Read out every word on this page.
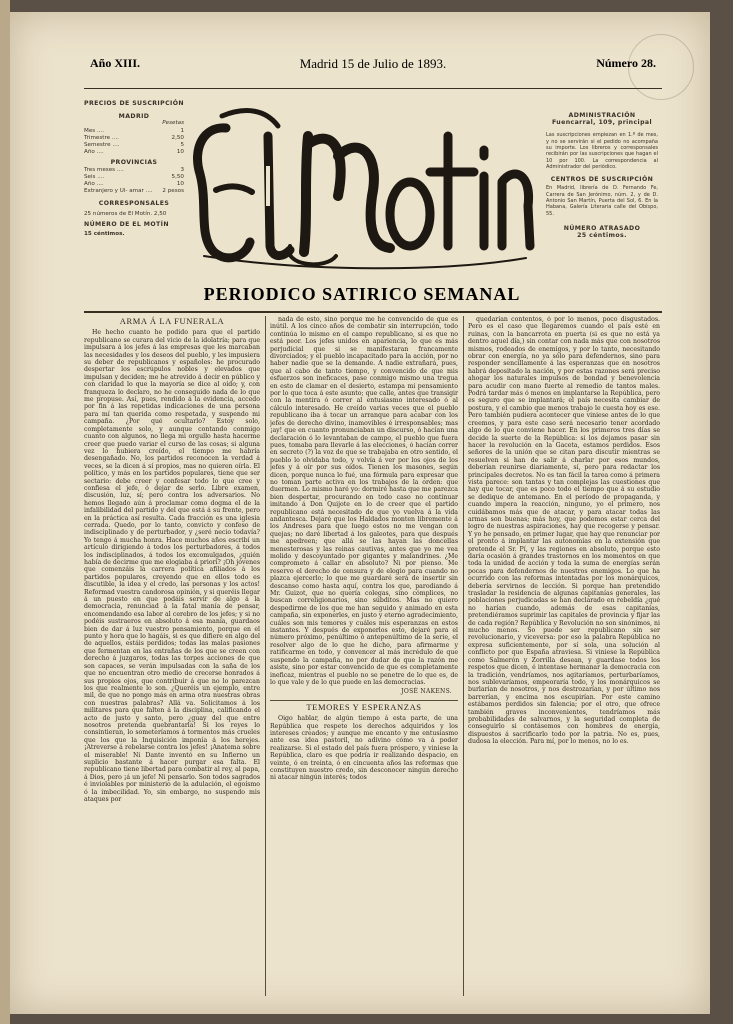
Año XIII.	Madrid 15 de Julio de 1893.	Número 28.
PRECIOS DE SUSCRIPCIÓN
MADRID
Pesetas
Mes ....	1
Trimestre ....	2,50
Semestre ....	5
Año ....	10
PROVINCIAS
Tres meses ....	3
Seis ....	5,50
Año ....	10
Extranjero y Ul- amar .... 2 pesos
CORRESPONSALES
25 números de El Motín. 2,50
NÚMERO DE EL MOTÍN
15 céntimos.
PERIODICO SATIRICO SEMANAL
ADMINISTRACIÓN
Fuencarral, 109, principal
Las suscripciones empiezan en 1.º de mes, y no se servirán si el pedido no acompaña su importe. Los libreros y corresponsales recibirán por las suscripciones que hagan el 10 por 100. La correspondencia al Administrador del periódico.
CENTROS DE SUSCRIPCIÓN
En Madrid, librería de D. Fernando Fe, Carrera de San Jerónimo, núm. 2, y de D. Antonio San Martín, Puerta del Sol, 6. En la Habana, Galería Literaria calle del Obispo, 55.
NÚMERO ATRASADO
25 céntimos.
ARMA Á LA FUNERALA

He hecho cuanto he podido para que el partido republicano se curara del vicio de la idolatría; para que impulsara á los jefes á las empresas que les marcaban las necesidades y los deseos del pueblo, y les impusiera su deber de republicanos y españoles: he procurado despertar los escrúpulos nobles y elevados que impulsan y deciden; me he atrevido á decir en público y con claridad lo que la mayoría se dice al oído; y, con franqueza lo declaro, no he conseguido nada de lo que me propuse. Así, pues, rendido á la evidencia, accedo por fin á las repetidas indicaciones de una persona para mí tan querida como respetada, y suspendo mi campaña. ¿Por qué ocultarlo? Estoy solo, completamente solo, y aunque contando conmigo cuanto con algunos, no llega mi orgullo hasta hacerme creer que puedo variar el curso de las cosas; si alguna vez lo hubiera creído, el tiempo me habría desengañado. No, los partidos reconocen la verdad á veces, se la dicen á sí propios, mas no quieren oírla. El político, y más en los partidos populares, tiene que ser sectario: debe creer y confesar todo lo que cree y confiesa el jefe, ó dejar de serlo. Libre examen, discusión, luz, sí; pero contra los adversarios. No hemos llegado aún á proclamar como dogma el de la infalibilidad del partido y del que está á su frente, pero en la práctica así resulta. Cada fracción es una iglesia cerrada. Quedo, por lo tanto, convicto y confeso de indisciplinado y de perturbador, y ¿seré necio todavía? Yo tengo á mucha honra. Hace muchos años escribí un artículo dirigiendo á todos los perturbadores, á todos los indisciplinados, á todos los excomulgados, ¿quién había de decirme que me elogiaba á priori? ¡Oh jóvenes que comenzáis la carrera política afiliados á los partidos populares, creyendo que en ellos todo es discutible, la idea y el credo, las personas y los actos! Reformad vuestra candorosa opinión, y si queréis llegar á un puesto en que podáis servir de algo á la democracia, renunciad á la fatal manía de pensar, encomendando esa labor al cerebro de los jefes; y si no podéis sustraeros en absoluto á esa manía, guardaos bien de dar á luz vuestro pensamiento, porque en el punto y hora que lo hagáis, si es que difiere en algo del de aquellos, estáis perdidos; todas las malas pasiones que fermentan en las entrañas de los que se creen con derecho á juzgaros, todas las torpes acciones de que son capaces, se verán impulsadas con la saña de los que no encuentran otro medio de crecerse honrados á sus propios ojos, que contribuir á que no lo parezcan los que realmente lo son. ¿Queréis un ejemplo, entre mil, de que no pongo más en arma otra nuestras obras con nuestras palabras? Allá va. Solicitamos á los militares para que falten á la disciplina, calificando el acto de justo y santo, pero ¿guay del que entre nosotros pretenda quebrantarla! Si los reyes lo consintieran, lo someteríamos á tormentos más crueles que los que la Inquisición imponía á los herejes. ¡Atreverse á rebelarse contra los jefes! ¡Anatema sobre el miserable! Ni Dante inventó en su Infierno un suplicio bastante á hacer purgar esa falta. El republicano tiene libertad para combatir al rey, al papa, á Dios, pero ¡á un jefe! Ni pensarlo. Son todos sagrados é inviolables por ministerio de la adulación, el egoísmo ó la imbecilidad. Yo, sin embargo, no suspendo mis ataques por

nada de esto, sino porque me he convencido de que es inútil. A los cinco años de combatir sin interrupción, todo continúa lo mismo en el campo republicano, si es que no está peor. Los jefes unidos en apariencia, lo que es más perjudicial que si se manifestaran francamente divorciados; y el pueblo incapacitado para la acción, por no haber nadie que se la demande. A nadie extrañará, pues, que al cabo de tanto tiempo, y convencido de que mis esfuerzos son ineficaces, pase conmigo mismo una tregua en esto de clamar en el desierto, estampa mi pensamiento por lo que toca á este asunto; que calle, antes que transigir con la mentira ó correr al entusiasmo interesado ó al cálculo interesado. He creído varias veces que el pueblo republicano iba á tocar un arranque para acabar con los jefes de derecho divino, inamovibles é irresponsables; mas ¡ay! que en cuanto pronunciaban un discurso, ó hacían una declaración ó lo levantaban de campo, el pueblo que fuera pues, tomaba para llevarle á las elecciones, ó hacían correr en secreto (?) la voz de que se trabajaba en otro sentido, el pueblo lo olvidaba todo, y volvía á ver por los ojos de los jefes y á oír por sus oídos. Tienen los masones, según dicen, porque nunca lo fué, una fórmula para expresar que no toman parte activa en los trabajos de la orden: que duermen. Lo mismo haré yo: dormiré hasta que me parezca bien despertar, procurando en todo caso no continuar imitando á Don Quijote en lo de creer que el partido republicano está necesitado de que yo vuelva á la vida andantesca. Dejaré que los Haldados monten libremente á los Andreses para que luego estos no me vengan con quejas; no daré libertad á los galeotes, para que después me apedreen; que allá se las hayan las doncellas menesterosas y las reinas cautivas, antes que yo me vea molido y descoyuntado por gigantes y malandrines. ¿Me comprometo á callar en absoluto? Ni por pienso. Me reservo el derecho de censura y de elogio para cuando no plazca ejercerlo; lo que me guardaré será de insertir sin descanso como hasta aquí, contra los que, parodiando á Mr. Guizot, que no quería colegas, sino cómplices, no buscan correligionarios, sino súbditos. Mas no quiero despedirme de los que me han seguido y animado en esta campaña, sin exponerles, en justo y eterno agradecimiento, cuáles son mis temores y cuáles mis esperanzas en estos instantes. Y después de exponerlos esto, dejaré para el número próximo, penúltimo ó antepenúltimo de la serie, el resolver algo de lo que he dicho, para afirmarme y ratificarme en todo, y convencer al más incrédulo de que suspendo la campaña, no por dudar de que la razón me asiste, sino por estar convencido de que es completamente ineficaz, mientras el pueblo no se penetre de lo que es, de lo que vale y de lo que puede en las democracias.

JOSÉ NAKENS.
TEMORES Y ESPERANZAS

Oigo hablar, de algún tiempo á esta parte, de una República que respete los derechos adquiridos y los intereses creados; y aunque me encanto y me entusiasmo ante esa idea pastoril, no adivino cómo va á poder realizarse. Si el estado del país fuera próspero, y viniese la República, claro es que podría ir realizando despacio, en veinte, ó en treinta, ó en cincuenta años las reformas que constituyen nuestro credo, sin desconocer ningún derecho ni atacar ningún interés; todos

quedarían contentos, ó por lo menos, poco disgustados. Pero es el caso que llegaremos cuando el país esté en ruinas, con la bancarrota en puerta (si es que no está ya dentro aquel día,) sin contar con nada más que con nosotros mismos, rodeados de enemigos, y por lo tanto, necesitando obrar con energía, no ya sólo para defendernos, sino para responder sencillamente á las esperanzas que en nosotros habrá depositado la nación, y por estas razones será preciso ahogar los naturales impulsos de bondad y benevolencia para acudir con mano fuerte al remedio de tantos males. Podrá tardar más ó menos en implantarse la República, pero es seguro que se implantará; el país necesita cambiar de postura, y el cambio que menos trabajo le cuesta hoy es ese. Pero también pudiera acontecer que viniese antes de lo que creemos, y para este caso será necesario tener acordado algo de lo que conviene hacer. En los primeros tres días se decide la suerte de la República: si los dejamos pasar sin hacer la revolución en la Gaceta, estamos perdidos. Esos señores de la unión que se citan para discutir mientras se resuelven si han de salir á charlar por esos mundos, deberían reunirse diariamente, sí, pero para redactar los principales decretos. No es tan fácil la tarea como á primera vista parece: son tantas y tan complejas las cuestiones que hay que tocar, que es poco todo el tiempo que á su estudio se dedique de antemano. En el período de propaganda, y cuando impera la reacción, ninguno, yo el primero, nos cuidábamos más que de atacar, y para atacar todas las armas son buenas; más hoy, que podemos estar cerca del logro de nuestras aspiraciones, hay que recogerse y pensar. Y yo he pensado, en primer lugar, que hay que renunciar por el pronto á implantar las autonomías en la extensión que pretende el Sr. Pí, y las regiones en absoluto, porque esto daría ocasión á grandes trastornos en los momentos en que toda la unidad de acción y toda la suma de energías serán pocas para defendernos de nuestros enemigos. Lo que ha ocurrido con las reformas intentadas por los monárquicos, debería servirnos de lección. Si porque han pretendido trasladar la residencia de algunas capitanías generales, las poblaciones perjudicadas se han declarado en rebeldía ¿qué no harían cuando, además de esas capitanías, pretendiéramos suprimir las capitales de provincia y fijar las de cada región? República y Revolución no son sinónimos, ni mucho menos. So puede ser republicano sin ser revolucionario, y viceversa: por eso la palabra República no expresa suficientemente, por sí sola, una solución al conflicto por que España atraviesa. Si viniese la República como Salmerón y Zorrilla desean, y guardase todos los respetos que dicen, é intentase hermanar la democracia con la tradición, vendríamos, nos agitaríamos, perturbaríamos, nos sublevaríamos, empeoraría todo, y los monárquicos se burlarían de nosotros, y nos destrozarían, y por último nos barrerían, y encima nos escupirían. Por este camino estábamos perdidos sin falencia; por el otro, que ofrece también graves inconvenientes, tendríamos más probabilidades de salvarnos, y la seguridad completa de conseguirlo si contásemos con hombres de energía, dispuestos á sacrificarlo todo por la patria. No es, pues, dudosa la elección. Para mí, por lo menos, no lo es.
